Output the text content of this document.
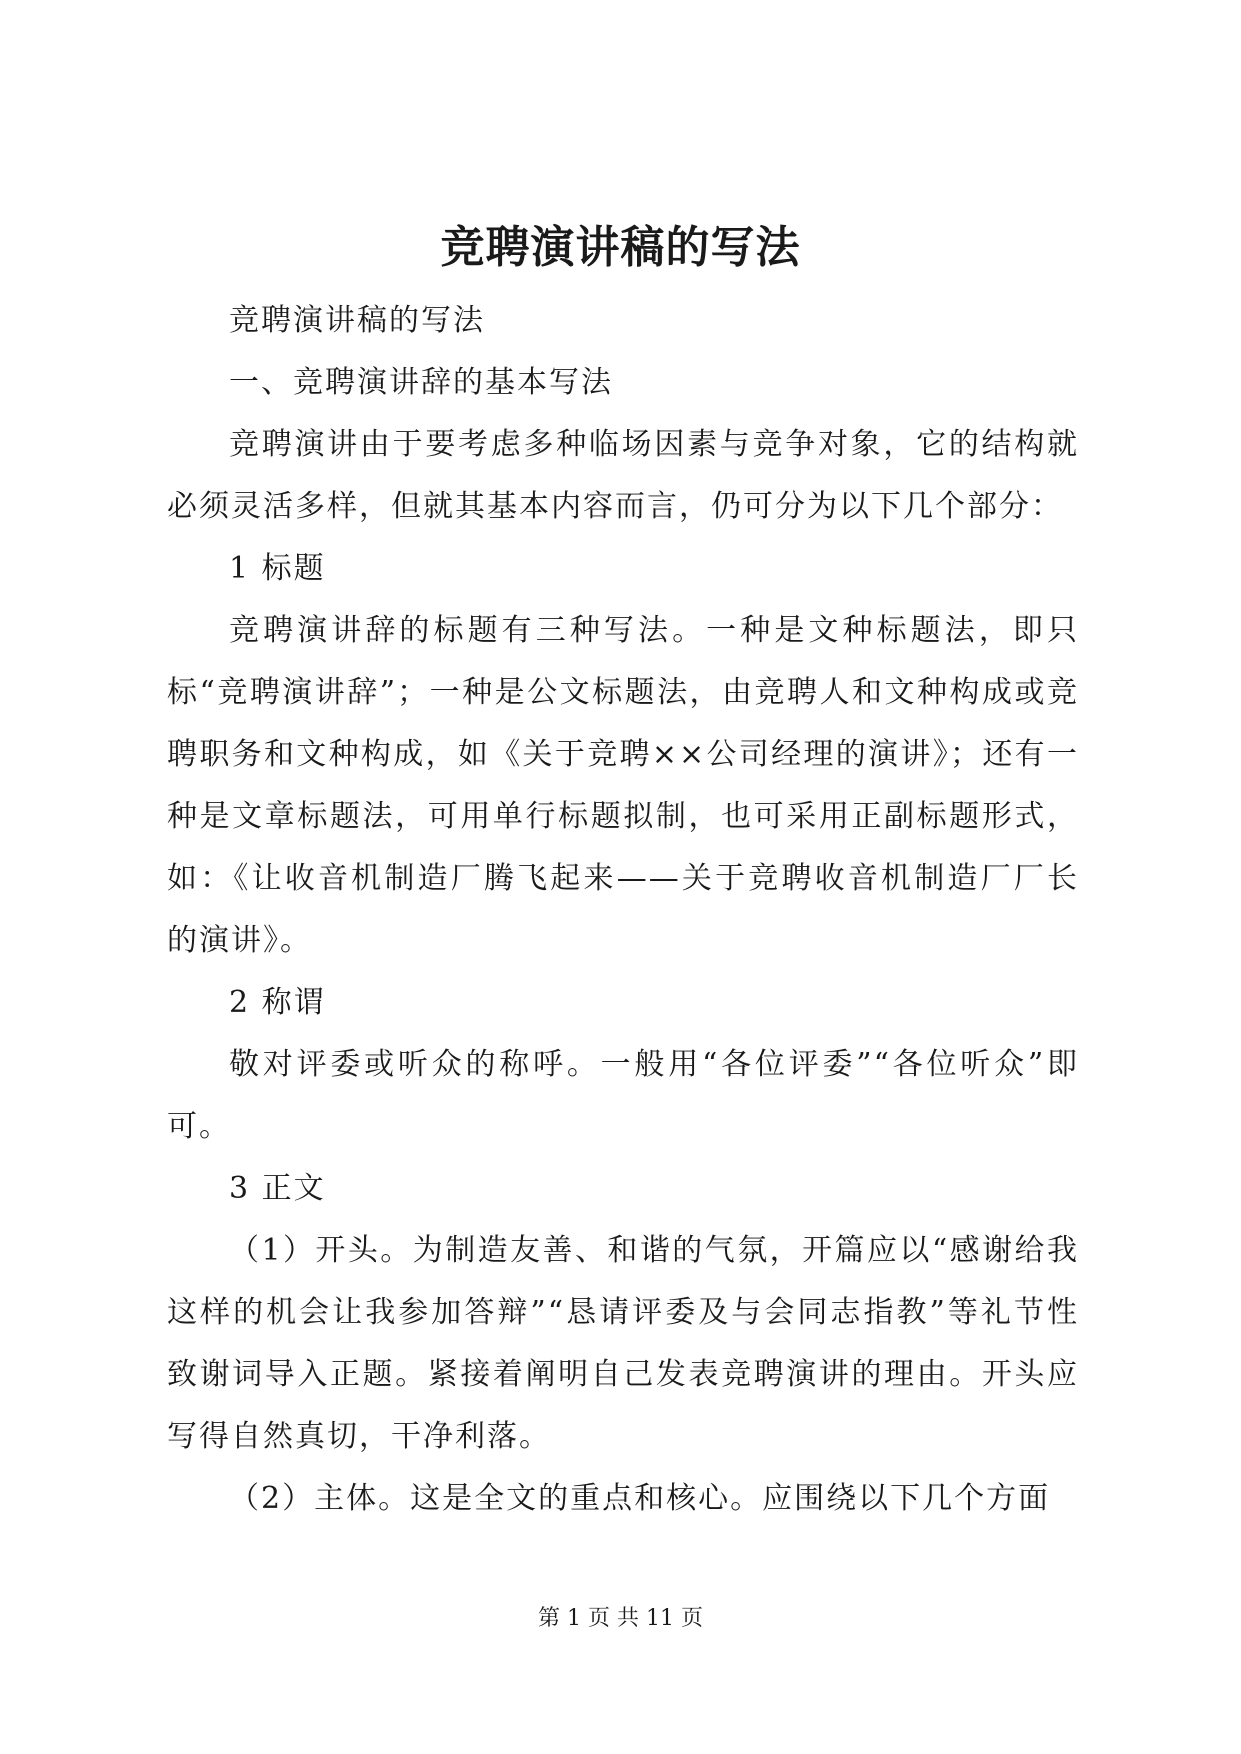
竞聘演讲稿的写法

竞聘演讲稿的写法

一、竞聘演讲辞的基本写法

竞聘演讲由于要考虑多种临场因素与竞争对象，它的结构就必须灵活多样，但就其基本内容而言，仍可分为以下几个部分：

1 标题

竞聘演讲辞的标题有三种写法。一种是文种标题法，即只标“竞聘演讲辞”；一种是公文标题法，由竞聘人和文种构成或竞聘职务和文种构成，如《关于竞聘××公司经理的演讲》；还有一种是文章标题法，可用单行标题拟制，也可采用正副标题形式，如：《让收音机制造厂腾飞起来——关于竞聘收音机制造厂厂长的演讲》。

2 称谓

敬对评委或听众的称呼。一般用“各位评委”“各位听众”即可。

3 正文

（1）开头。为制造友善、和谐的气氛，开篇应以“感谢给我这样的机会让我参加答辩”“恳请评委及与会同志指教”等礼节性致谢词导入正题。紧接着阐明自己发表竞聘演讲的理由。开头应写得自然真切，干净利落。

（2）主体。这是全文的重点和核心。应围绕以下几个方面

第 1 页 共 11 页
